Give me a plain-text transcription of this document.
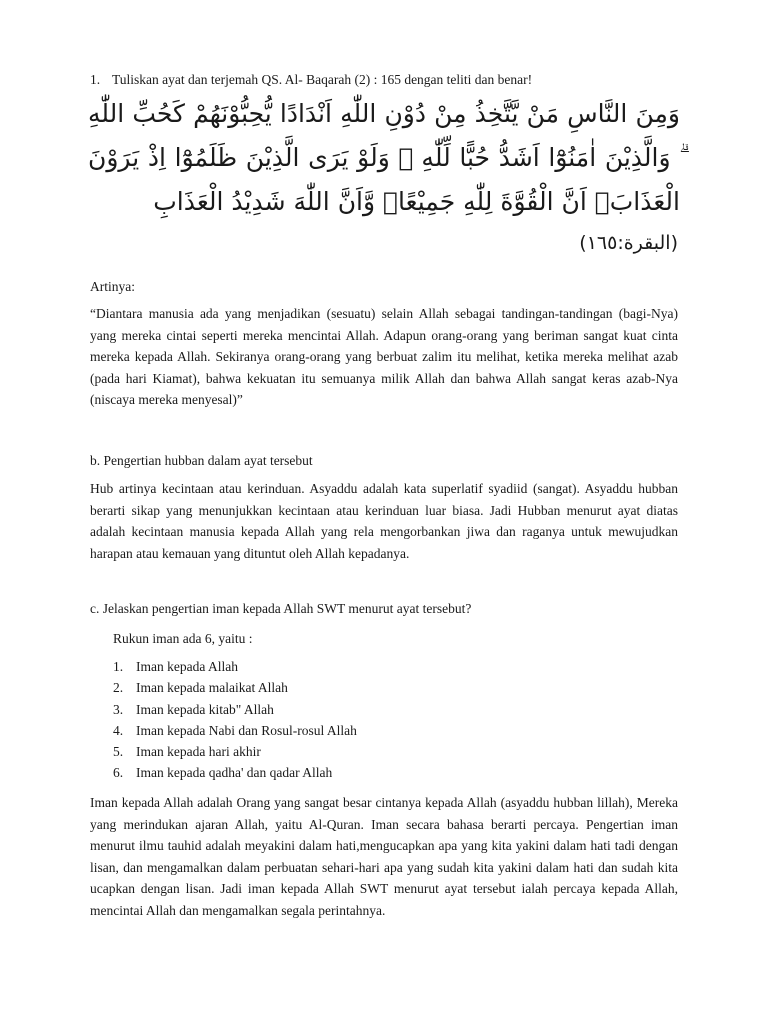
1. Tuliskan ayat dan terjemah QS. Al- Baqarah (2) : 165 dengan teliti dan benar!
وَمِنَ النَّاسِ مَنْ يَّتَّخِذُ مِنْ دُوْنِ اللّٰهِ اَنْدَادًا يُّحِبُّوْنَهُمْ كَحُبِّ اللّٰهِ ۗ وَالَّذِيْنَ اٰمَنُوْٓا اَشَدُّ حُبًّا لِّلّٰهِ ۗ وَلَوْ يَرَى الَّذِيْنَ ظَلَمُوْٓا اِذْ يَرَوْنَ الْعَذَابَۙ اَنَّ الْقُوَّةَ لِلّٰهِ جَمِيْعًاۙ وَّاَنَّ اللّٰهَ شَدِيْدُ الْعَذَابِ
(البقرة:١٦٥)
Artinya:
“Diantara manusia ada yang menjadikan (sesuatu) selain Allah sebagai tandingan-tandingan (bagi-Nya) yang mereka cintai seperti mereka mencintai Allah. Adapun orang-orang yang beriman sangat kuat cinta mereka kepada Allah. Sekiranya orang-orang yang berbuat zalim itu melihat, ketika mereka melihat azab (pada hari Kiamat), bahwa kekuatan itu semuanya milik Allah dan bahwa Allah sangat keras azab-Nya (niscaya mereka menyesal)”
b. Pengertian hubban dalam ayat tersebut
Hub artinya kecintaan atau kerinduan. Asyaddu adalah kata superlatif syadiid (sangat). Asyaddu hubban berarti sikap yang menunjukkan kecintaan atau kerinduan luar biasa. Jadi Hubban menurut ayat diatas adalah kecintaan manusia kepada Allah yang rela mengorbankan jiwa dan raganya untuk mewujudkan harapan atau kemauan yang dituntut oleh Allah kepadanya.
c. Jelaskan pengertian iman kepada Allah SWT menurut ayat tersebut?
Rukun iman ada 6, yaitu :
1. Iman kepada Allah
2. Iman kepada malaikat Allah
3. Iman kepada kitab" Allah
4. Iman kepada Nabi dan Rosul-rosul Allah
5. Iman kepada hari akhir
6. Iman kepada qadha' dan qadar Allah
Iman kepada Allah adalah Orang yang sangat besar cintanya kepada Allah (asyaddu hubban lillah), Mereka yang merindukan ajaran Allah, yaitu Al-Quran. Iman secara bahasa berarti percaya. Pengertian iman menurut ilmu tauhid adalah meyakini dalam hati,mengucapkan apa yang kita yakini dalam hati tadi dengan lisan, dan mengamalkan dalam perbuatan sehari-hari apa yang sudah kita yakini dalam hati dan sudah kita ucapkan dengan lisan. Jadi iman kepada Allah SWT menurut ayat tersebut ialah percaya kepada Allah, mencintai Allah dan mengamalkan segala perintahnya.
